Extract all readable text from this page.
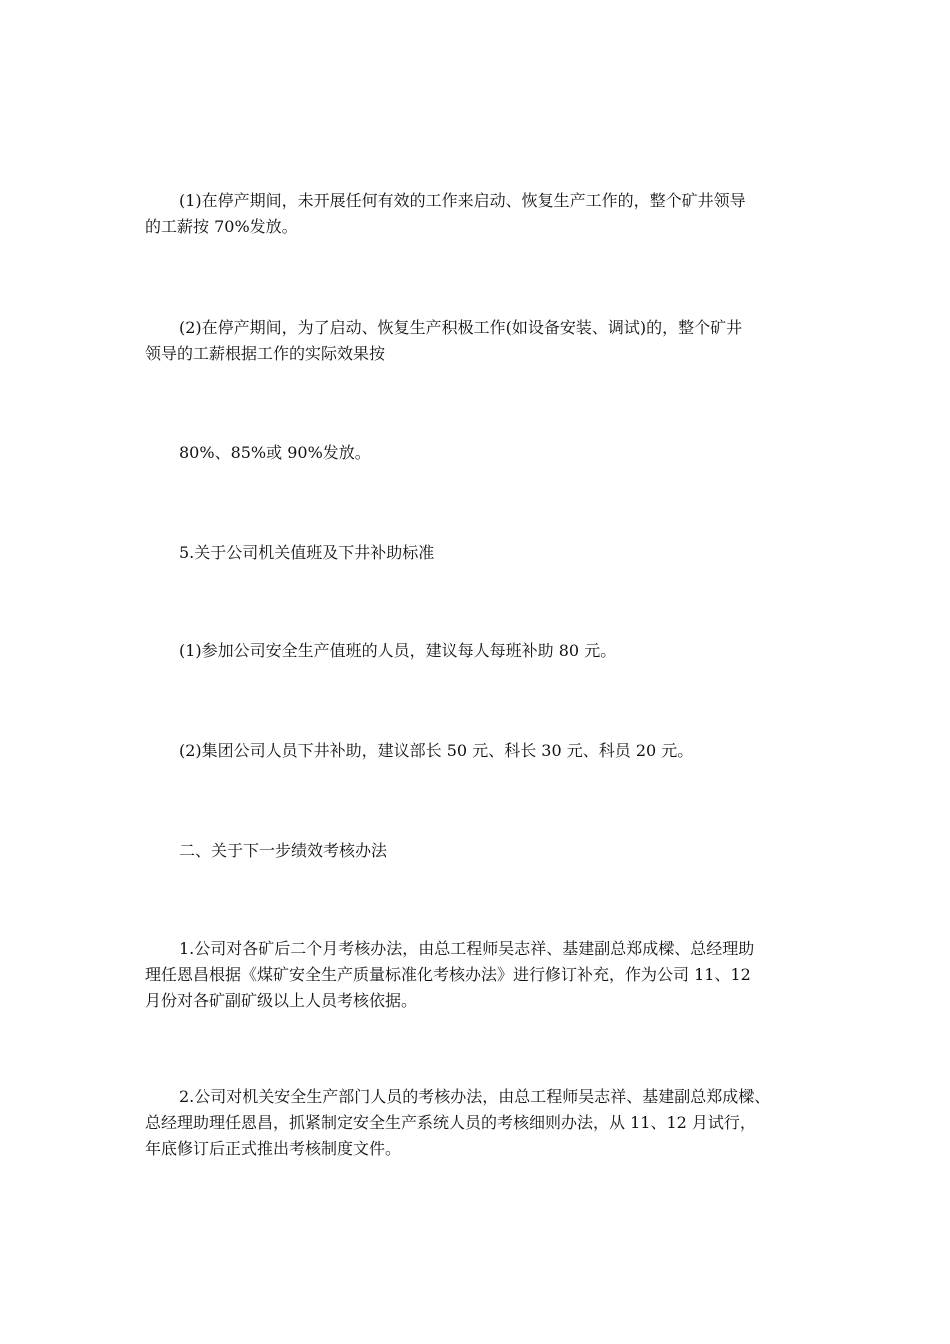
(1)在停产期间，未开展任何有效的工作来启动、恢复生产工作的，整个矿井领导
的工薪按 70%发放。
(2)在停产期间，为了启动、恢复生产积极工作(如设备安装、调试)的，整个矿井
领导的工薪根据工作的实际效果按
80%、85%或 90%发放。
5.关于公司机关值班及下井补助标准
(1)参加公司安全生产值班的人员，建议每人每班补助 80 元。
(2)集团公司人员下井补助，建议部长 50 元、科长 30 元、科员 20 元。
二、关于下一步绩效考核办法
1.公司对各矿后二个月考核办法，由总工程师吴志祥、基建副总郑成樑、总经理助
理任恩昌根据《煤矿安全生产质量标准化考核办法》进行修订补充，作为公司 11、12
月份对各矿副矿级以上人员考核依据。
2.公司对机关安全生产部门人员的考核办法，由总工程师吴志祥、基建副总郑成樑、
总经理助理任恩昌，抓紧制定安全生产系统人员的考核细则办法，从 11、12 月试行，
年底修订后正式推出考核制度文件。
